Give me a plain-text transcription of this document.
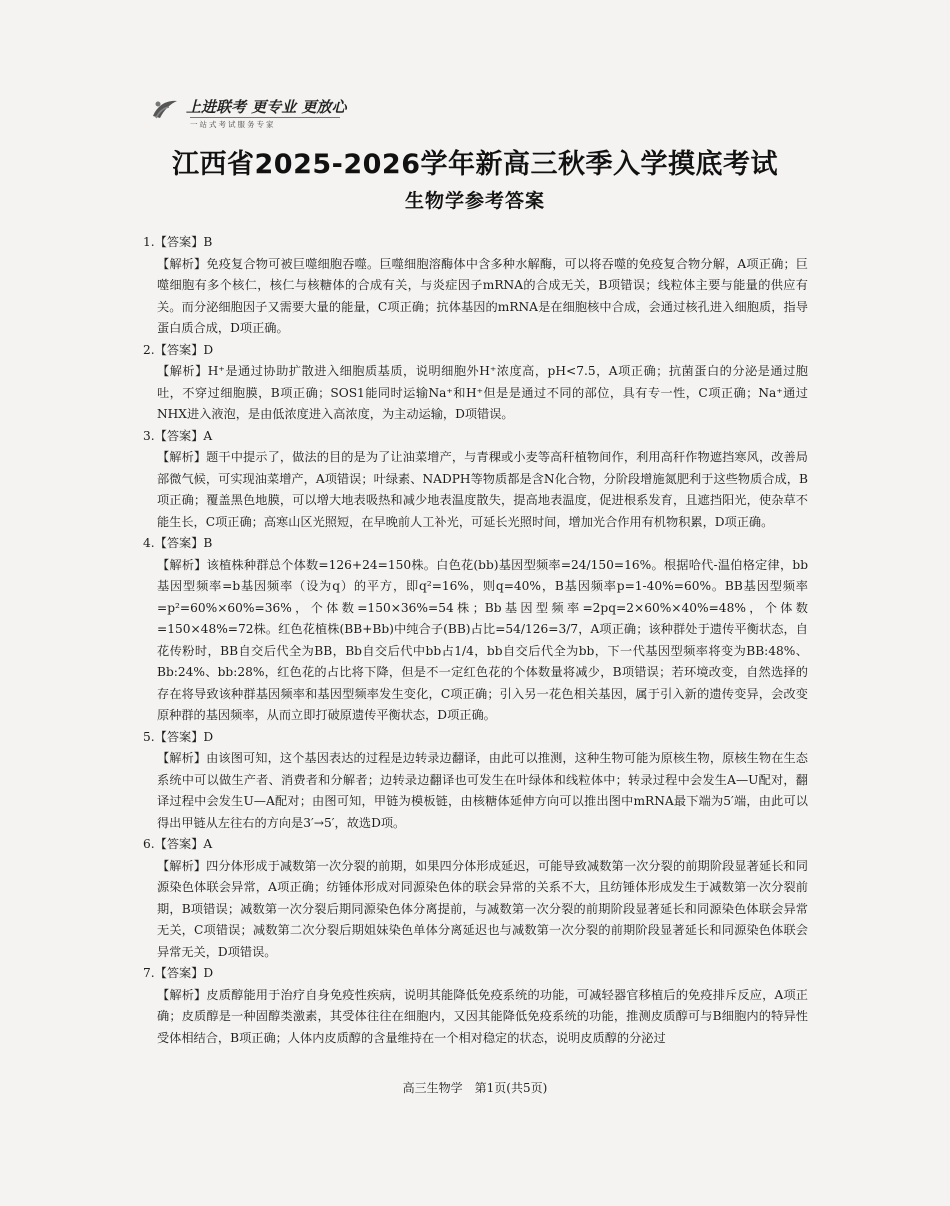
上进联考 更专业 更放心
一站式考试服务专家
江西省2025-2026学年新高三秋季入学摸底考试
生物学参考答案
1.【答案】B
【解析】免疫复合物可被巨噬细胞吞噬。巨噬细胞溶酶体中含多种水解酶，可以将吞噬的免疫复合物分解，A项正确；巨噬细胞有多个核仁，核仁与核糖体的合成有关，与炎症因子mRNA的合成无关，B项错误；线粒体主要与能量的供应有关。而分泌细胞因子又需要大量的能量，C项正确；抗体基因的mRNA是在细胞核中合成，会通过核孔进入细胞质，指导蛋白质合成，D项正确。
2.【答案】D
【解析】H⁺是通过协助扩散进入细胞质基质，说明细胞外H⁺浓度高，pH<7.5，A项正确；抗菌蛋白的分泌是通过胞吐，不穿过细胞膜，B项正确；SOS1能同时运输Na⁺和H⁺但是是通过不同的部位，具有专一性，C项正确；Na⁺通过NHX进入液泡，是由低浓度进入高浓度，为主动运输，D项错误。
3.【答案】A
【解析】题干中提示了，做法的目的是为了让油菜增产，与青稞或小麦等高秆植物间作，利用高秆作物遮挡寒风，改善局部微气候，可实现油菜增产，A项错误；叶绿素、NADPH等物质都是含N化合物，分阶段增施氮肥利于这些物质合成，B项正确；覆盖黑色地膜，可以增大地表吸热和减少地表温度散失，提高地表温度，促进根系发育，且遮挡阳光，使杂草不能生长，C项正确；高寒山区光照短，在早晚前人工补光，可延长光照时间，增加光合作用有机物积累，D项正确。
4.【答案】B
【解析】该植株种群总个体数=126+24=150株。白色花(bb)基因型频率=24/150=16%。根据哈代-温伯格定律，bb基因型频率=b基因频率（设为q）的平方，即q²=16%，则q=40%，B基因频率p=1-40%=60%。BB基因型频率=p²=60%×60%=36%，个体数=150×36%=54株；Bb基因型频率=2pq=2×60%×40%=48%，个体数=150×48%=72株。红色花植株(BB+Bb)中纯合子(BB)占比=54/126=3/7，A项正确；该种群处于遗传平衡状态，自花传粉时，BB自交后代全为BB，Bb自交后代中bb占1/4，bb自交后代全为bb，下一代基因型频率将变为BB:48%、Bb:24%、bb:28%，红色花的占比将下降，但是不一定红色花的个体数量将减少，B项错误；若环境改变，自然选择的存在将导致该种群基因频率和基因型频率发生变化，C项正确；引入另一花色相关基因，属于引入新的遗传变异，会改变原种群的基因频率，从而立即打破原遗传平衡状态，D项正确。
5.【答案】D
【解析】由该图可知，这个基因表达的过程是边转录边翻译，由此可以推测，这种生物可能为原核生物，原核生物在生态系统中可以做生产者、消费者和分解者；边转录边翻译也可发生在叶绿体和线粒体中；转录过程中会发生A—U配对，翻译过程中会发生U—A配对；由图可知，甲链为模板链，由核糖体延伸方向可以推出图中mRNA最下端为5′端，由此可以得出甲链从左往右的方向是3′→5′，故选D项。
6.【答案】A
【解析】四分体形成于减数第一次分裂的前期，如果四分体形成延迟，可能导致减数第一次分裂的前期阶段显著延长和同源染色体联会异常，A项正确；纺锤体形成对同源染色体的联会异常的关系不大，且纺锤体形成发生于减数第一次分裂前期，B项错误；减数第一次分裂后期同源染色体分离提前，与减数第一次分裂的前期阶段显著延长和同源染色体联会异常无关，C项错误；减数第二次分裂后期姐妹染色单体分离延迟也与减数第一次分裂的前期阶段显著延长和同源染色体联会异常无关，D项错误。
7.【答案】D
【解析】皮质醇能用于治疗自身免疫性疾病，说明其能降低免疫系统的功能，可减轻器官移植后的免疫排斥反应，A项正确；皮质醇是一种固醇类激素，其受体往往在细胞内，又因其能降低免疫系统的功能，推测皮质醇可与B细胞内的特异性受体相结合，B项正确；人体内皮质醇的含量维持在一个相对稳定的状态，说明皮质醇的分泌过
高三生物学　第1页(共5页)
